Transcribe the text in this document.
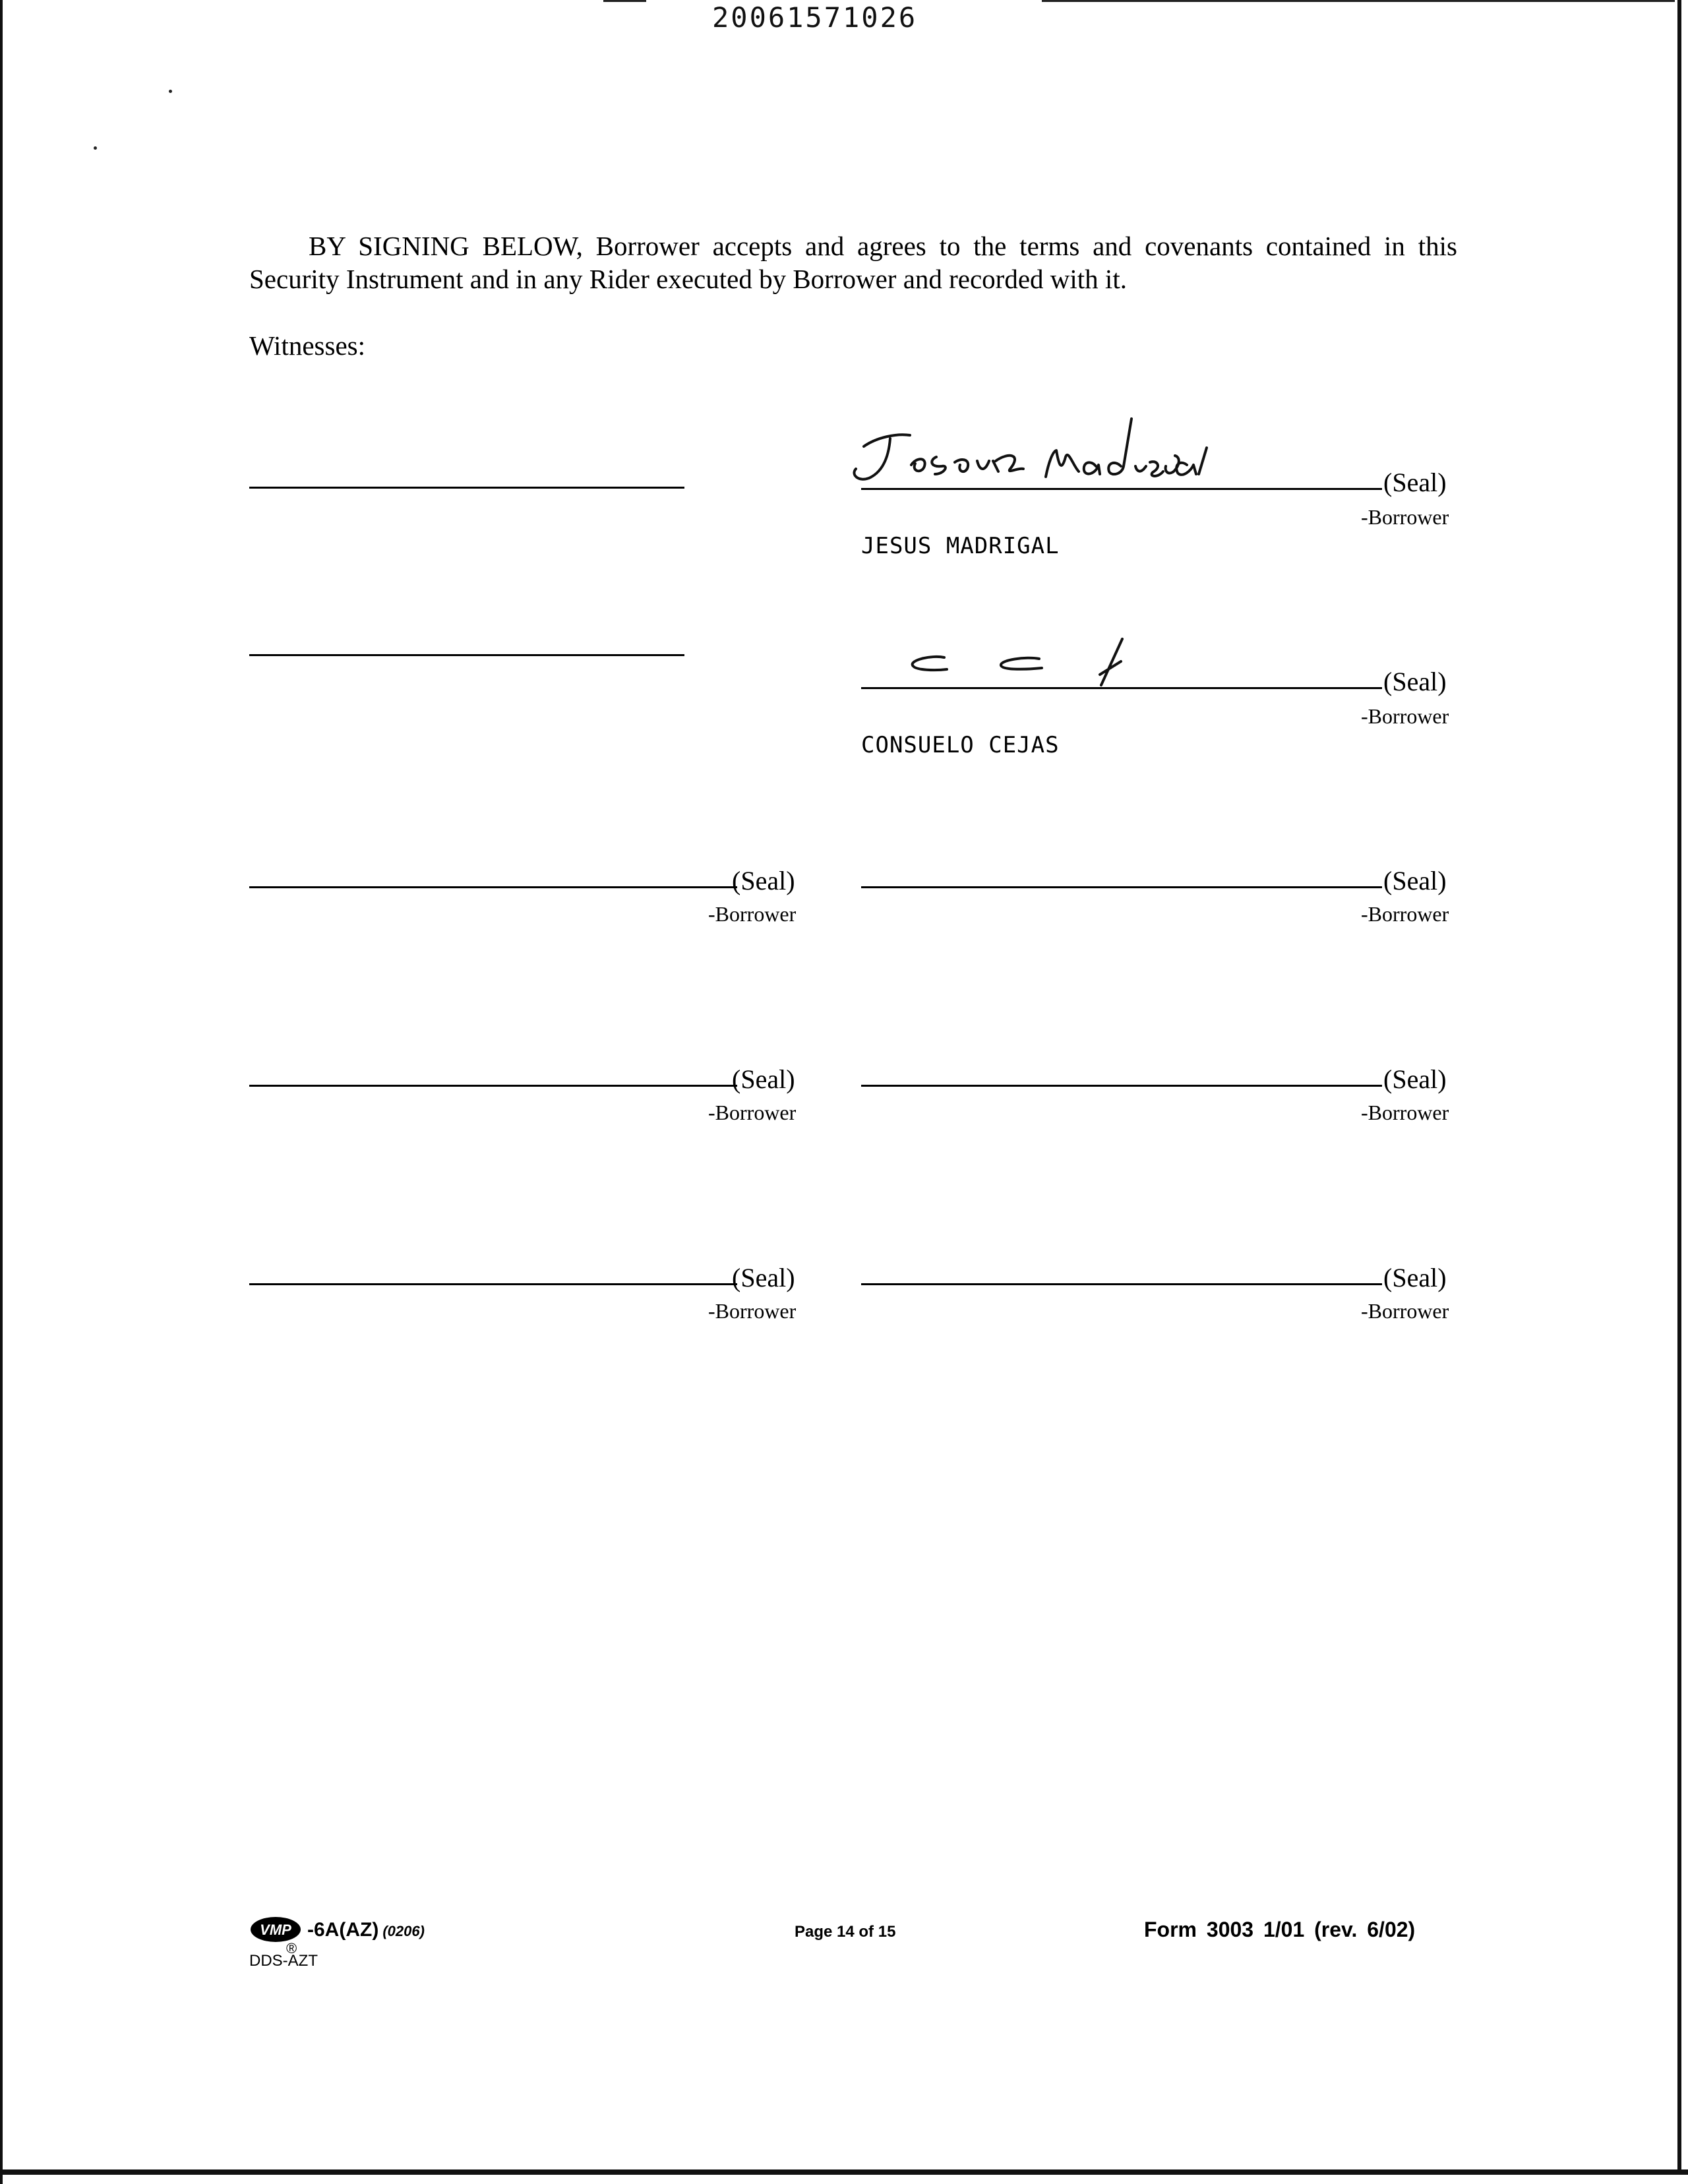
20061571026
BY SIGNING BELOW, Borrower accepts and agrees to the terms and covenants contained in this Security Instrument and in any Rider executed by Borrower and recorded with it.
Witnesses:
(Seal)
-Borrower
JESUS MADRIGAL
(Seal)
-Borrower
CONSUELO CEJAS
(Seal)
-Borrower
(Seal)
-Borrower
(Seal)
-Borrower
(Seal)
-Borrower
(Seal)
-Borrower
(Seal)
-Borrower
VMP
®
-6A(AZ) (0206)
DDS-AZT
Page 14 of 15	Form 3003 1/01 (rev. 6/02)
